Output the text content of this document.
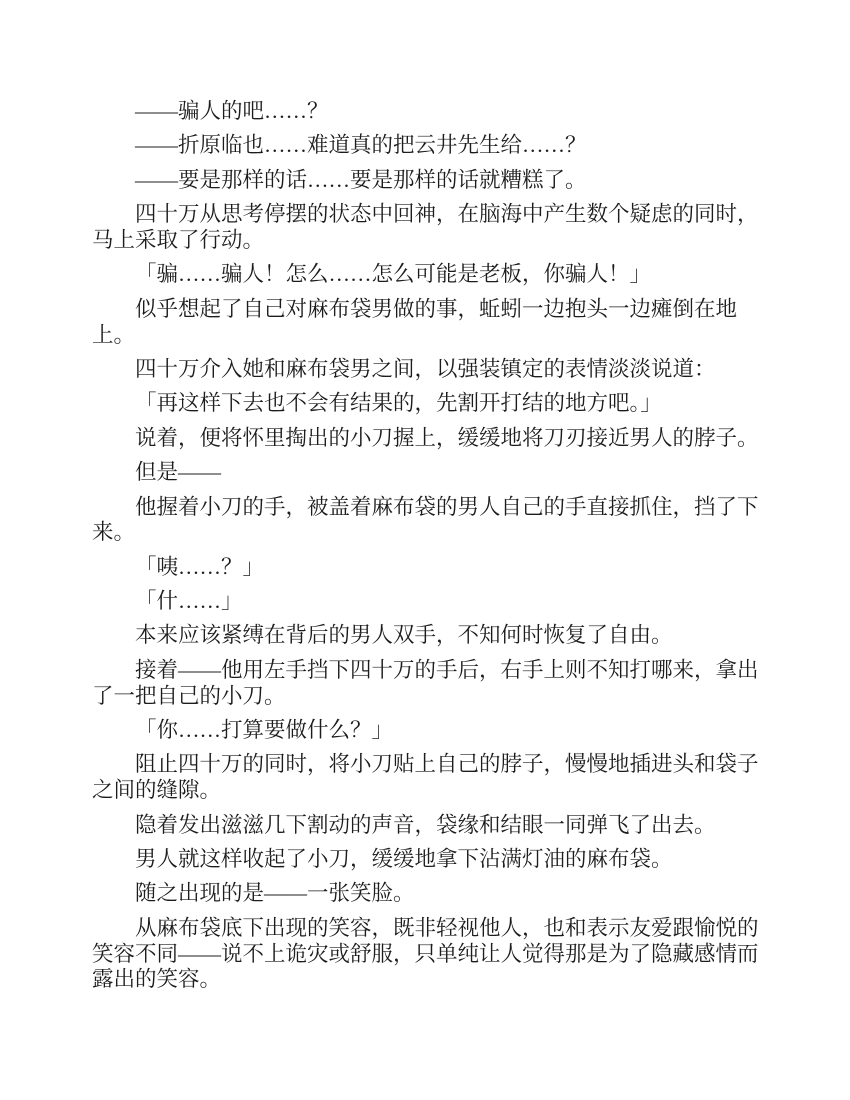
——骗人的吧……？
——折原临也……难道真的把云井先生给……？
——要是那样的话……要是那样的话就糟糕了。
四十万从思考停摆的状态中回神，在脑海中产生数个疑虑的同时，
马上采取了行动。
「骗……骗人！怎么……怎么可能是老板，你骗人！」
似乎想起了自己对麻布袋男做的事，蚯蚓一边抱头一边瘫倒在地
上。
四十万介入她和麻布袋男之间，以强装镇定的表情淡淡说道：
「再这样下去也不会有结果的，先割开打结的地方吧。」
说着，便将怀里掏出的小刀握上，缓缓地将刀刃接近男人的脖子。
但是——
他握着小刀的手，被盖着麻布袋的男人自己的手直接抓住，挡了下
来。
「咦……？」
「什……」
本来应该紧缚在背后的男人双手，不知何时恢复了自由。
接着——他用左手挡下四十万的手后，右手上则不知打哪来，拿出
了一把自己的小刀。
「你……打算要做什么？」
阻止四十万的同时，将小刀贴上自己的脖子，慢慢地插进头和袋子
之间的缝隙。
隐着发出滋滋几下割动的声音，袋缘和结眼一同弹飞了出去。
男人就这样收起了小刀，缓缓地拿下沾满灯油的麻布袋。
随之出现的是——一张笑脸。
从麻布袋底下出现的笑容，既非轻视他人，也和表示友爱跟愉悦的
笑容不同——说不上诡灾或舒服，只单纯让人觉得那是为了隐藏感情而
露出的笑容。
